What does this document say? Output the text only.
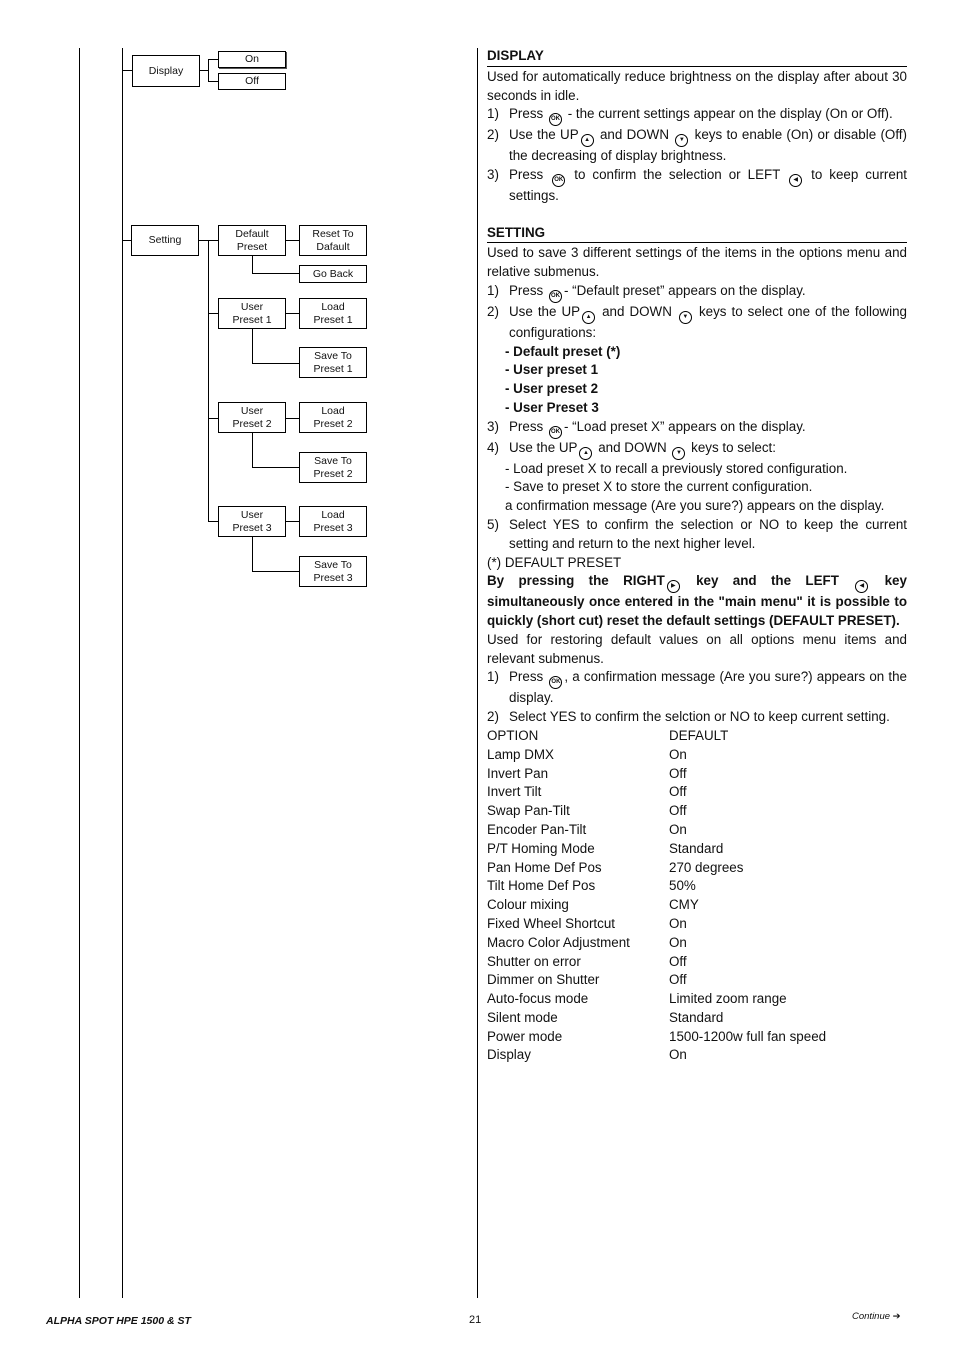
Display
On
Off
Setting
Default
Preset
Reset To
Dafault
Go Back
User
Preset 1
Load
Preset 1
Save To
Preset 1
User
Preset 2
Load
Preset 2
Save To
Preset 2
User
Preset 3
Load
Preset 3
Save To
Preset 3
DISPLAY
Used for automatically reduce brightness on the display after about 30 seconds in idle.
1) Press OK - the current settings appear on the display (On or Off).
2) Use the UP ▲ and DOWN ▼ keys to enable (On) or disable (Off) the decreasing of display brightness.
3) Press OK to confirm the selection or LEFT ◀ to keep current settings.
SETTING
Used to save 3 different settings of the items in the options menu and relative submenus.
1) Press OK - “Default preset” appears on the display.
2) Use the UP ▲ and DOWN ▼ keys to select one of the following configurations:
- Default preset (*)
- User preset 1
- User preset 2
- User Preset 3
3) Press OK - “Load preset X” appears on the display.
4) Use the UP ▲ and DOWN ▼ keys to select:
- Load preset X to recall a previously stored configuration.
- Save to preset X to store the current configuration.
a confirmation message (Are you sure?) appears on the display.
5) Select YES to confirm the selection or NO to keep the current setting and return to the next higher level.
(*) DEFAULT PRESET
By pressing the RIGHT ▶ key and the LEFT	◀ key simultaneously once entered in the "main menu" it is possible to quickly (short cut) reset the default settings (DEFAULT PRESET).
Used for restoring default values on all options menu items and relevant submenus.
1) Press OK , a confirmation message (Are you sure?) appears on the display.
2) Select YES to confirm the selction or NO to keep current setting.
OPTION	DEFAULT
Lamp DMX	On
Invert Pan	Off
Invert Tilt	Off
Swap Pan-Tilt	Off
Encoder Pan-Tilt	On
P/T Homing Mode	Standard
Pan Home Def Pos	270 degrees
Tilt Home Def Pos	50%
Colour mixing	CMY
Fixed Wheel Shortcut	On
Macro Color Adjustment	On
Shutter on error	Off
Dimmer on Shutter	Off
Auto-focus mode	Limited zoom range
Silent mode	Standard
Power mode	1500-1200w full fan speed
Display	On
ALPHA SPOT HPE 1500 & ST	21	Continue ➔
